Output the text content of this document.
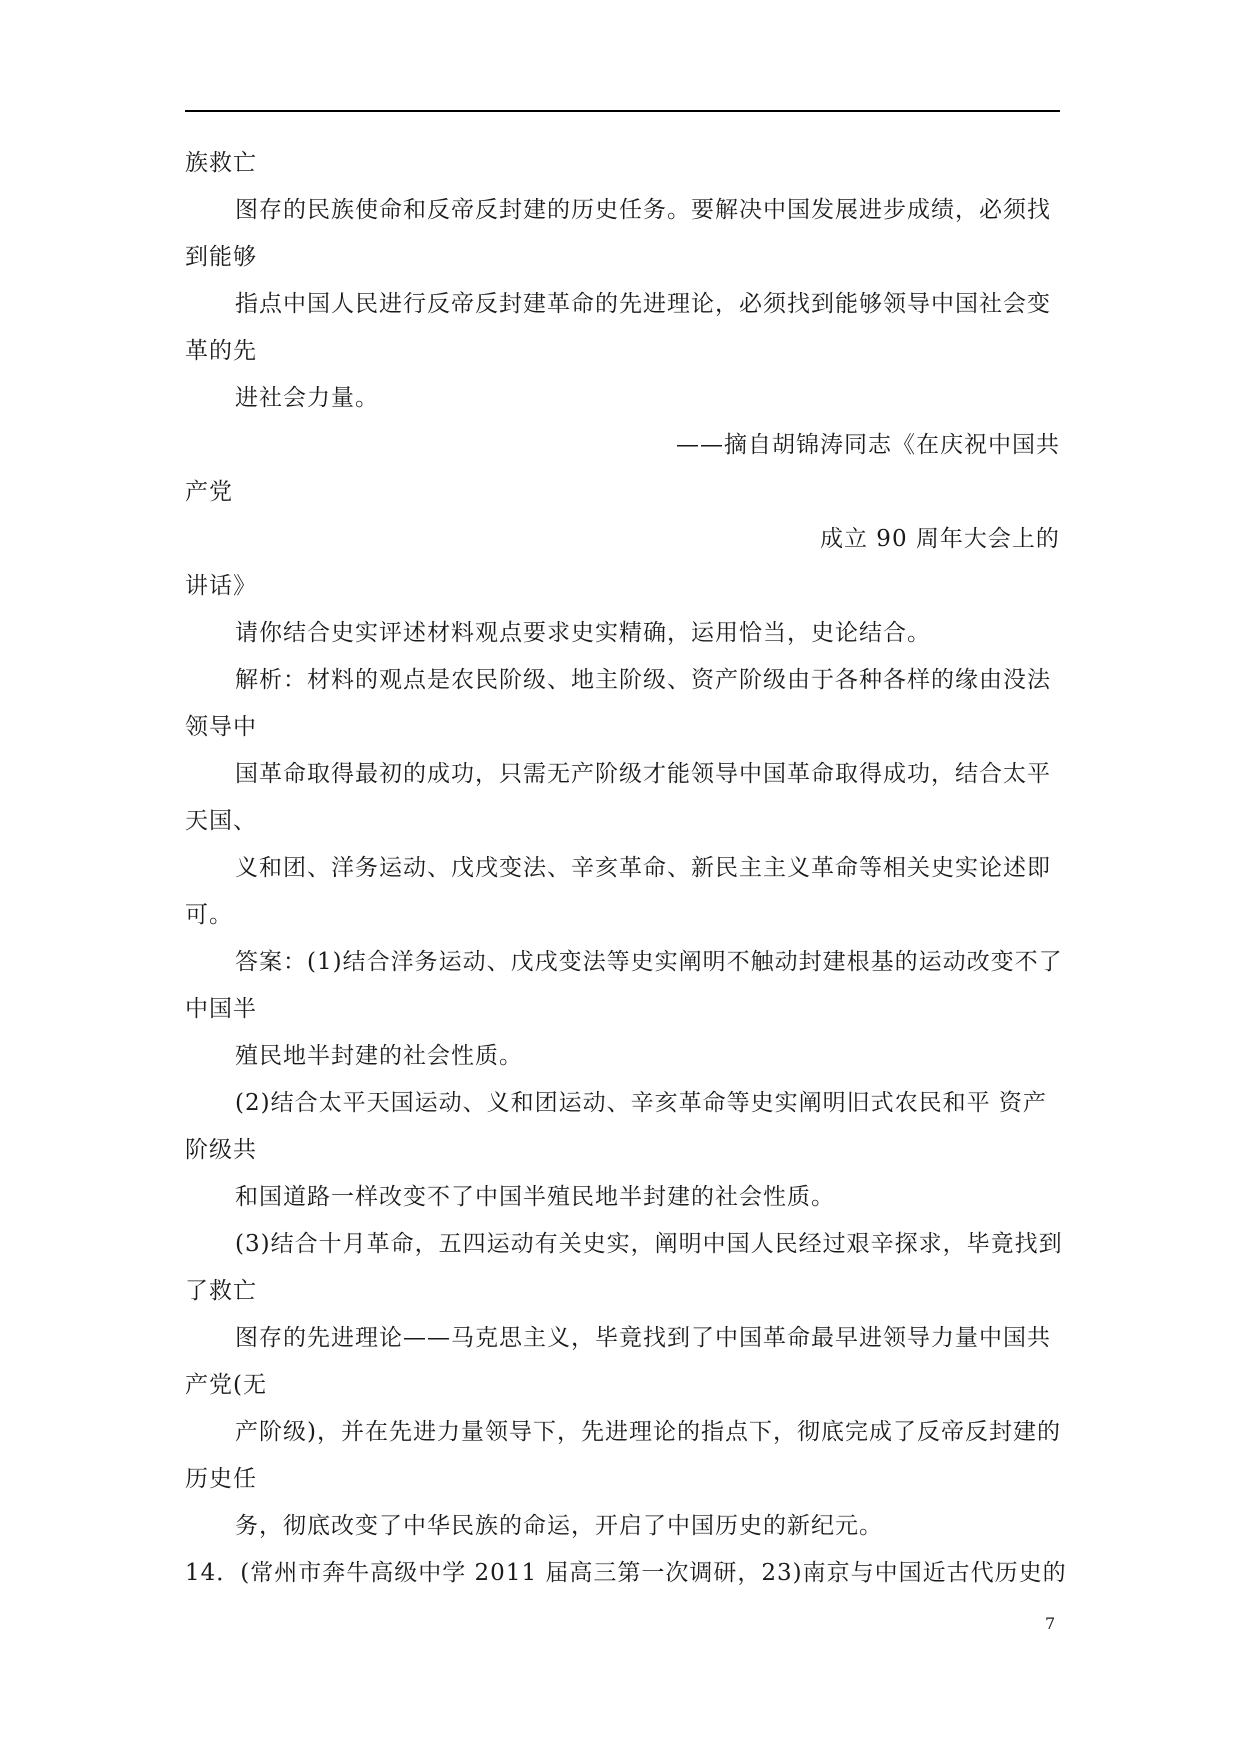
族救亡
图存的民族使命和反帝反封建的历史任务。要解决中国发展进步成绩，必须找
到能够
指点中国人民进行反帝反封建革命的先进理论，必须找到能够领导中国社会变
革的先
进社会力量。
——摘自胡锦涛同志《在庆祝中国共
产党
成立 90 周年大会上的
讲话》
请你结合史实评述材料观点要求史实精确，运用恰当，史论结合。
解析：材料的观点是农民阶级、地主阶级、资产阶级由于各种各样的缘由没法
领导中
国革命取得最初的成功，只需无产阶级才能领导中国革命取得成功，结合太平
天国、
义和团、洋务运动、戊戌变法、辛亥革命、新民主主义革命等相关史实论述即
可。
答案：(1)结合洋务运动、戊戌变法等史实阐明不触动封建根基的运动改变不了
中国半
殖民地半封建的社会性质。
(2)结合太平天国运动、义和团运动、辛亥革命等史实阐明旧式农民和平 资产
阶级共
和国道路一样改变不了中国半殖民地半封建的社会性质。
(3)结合十月革命，五四运动有关史实，阐明中国人民经过艰辛探求，毕竟找到
了救亡
图存的先进理论——马克思主义，毕竟找到了中国革命最早进领导力量中国共
产党(无
产阶级)，并在先进力量领导下，先进理论的指点下，彻底完成了反帝反封建的
历史任
务，彻底改变了中华民族的命运，开启了中国历史的新纪元。
14．(常州市奔牛高级中学 2011 届高三第一次调研，23)南京与中国近古代历史的
7
